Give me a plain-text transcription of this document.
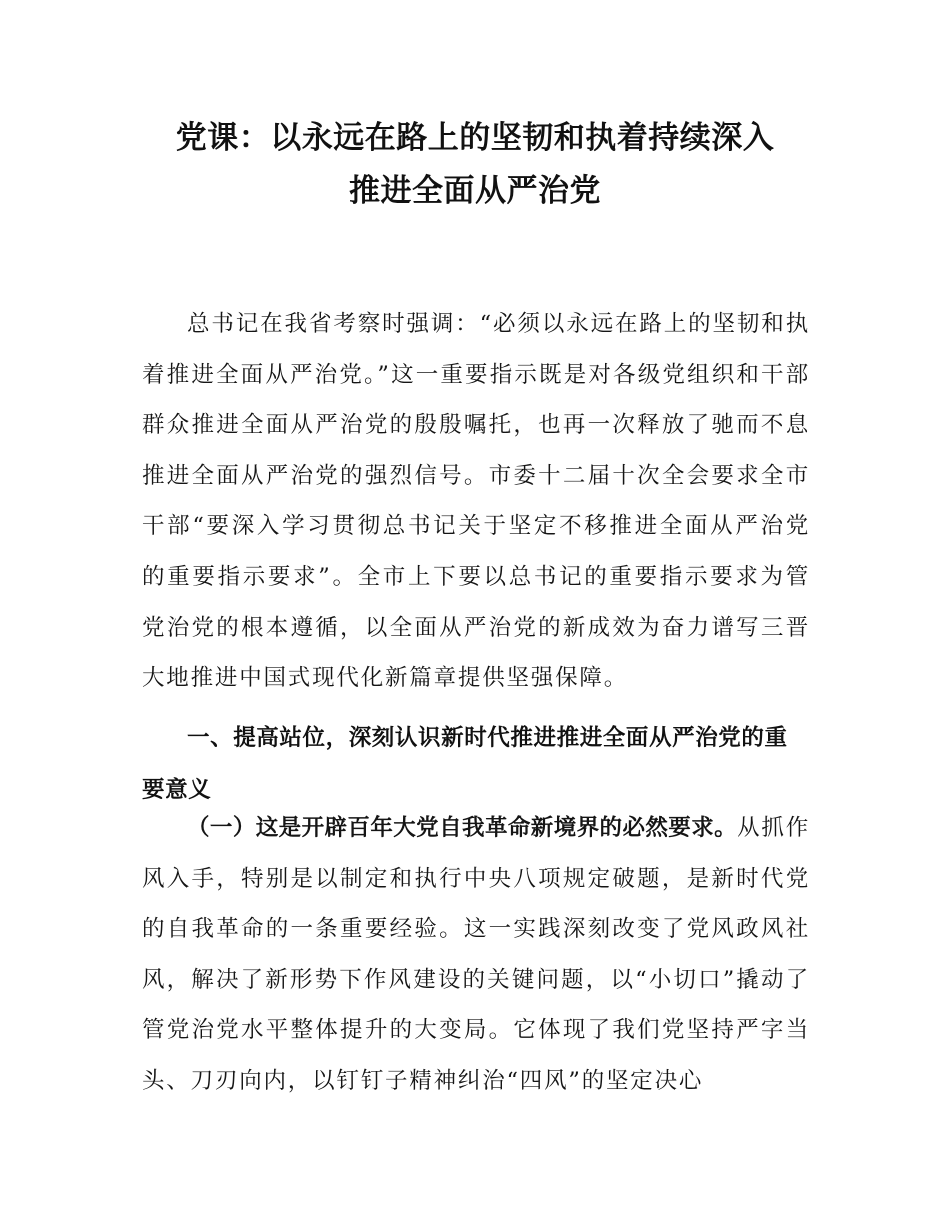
党课：以永远在路上的坚韧和执着持续深入
推进全面从严治党

总书记在我省考察时强调：“必须以永远在路上的坚韧和执着推进全面从严治党。”这一重要指示既是对各级党组织和干部群众推进全面从严治党的殷殷嘱托，也再一次释放了驰而不息推进全面从严治党的强烈信号。市委十二届十次全会要求全市干部“要深入学习贯彻总书记关于坚定不移推进全面从严治党的重要指示要求”。全市上下要以总书记的重要指示要求为管党治党的根本遵循，以全面从严治党的新成效为奋力谱写三晋大地推进中国式现代化新篇章提供坚强保障。

一、提高站位，深刻认识新时代推进推进全面从严治党的重要意义

（一）这是开辟百年大党自我革命新境界的必然要求。从抓作风入手，特别是以制定和执行中央八项规定破题，是新时代党的自我革命的一条重要经验。这一实践深刻改变了党风政风社风，解决了新形势下作风建设的关键问题，以“小切口”撬动了管党治党水平整体提升的大变局。它体现了我们党坚持严字当头、刀刃向内，以钉钉子精神纠治“四风”的坚定决心
